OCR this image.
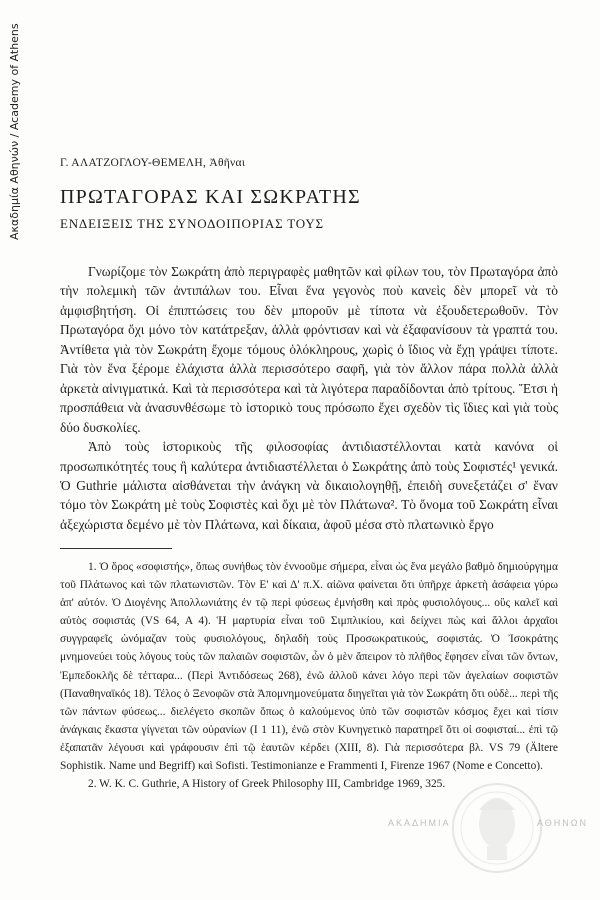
Ακαδημία Αθηνών / Academy of Athens	Γ. ΑΛΑΤΖΟΓΛΟΥ-ΘΕΜΕΛΗ, Ἀθῆναι
ΠΡΩΤΑΓΟΡΑΣ ΚΑΙ ΣΩΚΡΑΤΗΣ
ΕΝΔΕΙΞΕΙΣ ΤΗΣ ΣΥΝΟΔΟΙΠΟΡΙΑΣ ΤΟΥΣ

Γνωρίζομε τὸν Σωκράτη ἀπὸ περιγραφὲς μαθητῶν καὶ φίλων του, τὸν Πρωταγόρα ἀπὸ τὴν πολεμικὴ τῶν ἀντιπάλων του. Εἶναι ἕνα γεγονὸς ποὺ κανεὶς δὲν μπορεῖ νὰ τὸ ἀμφισβητήση. Οἱ ἐπιπτώσεις του δὲν μποροῦν μὲ τίποτα νὰ ἐξουδετερωθοῦν. Τὸν Πρωταγόρα ὄχι μόνο τὸν κατάτρεξαν, ἀλλὰ φρόντισαν καὶ νὰ ἐξαφανίσουν τὰ γραπτά του. Ἀντίθετα γιὰ τὸν Σωκράτη ἔχομε τόμους ὁλόκληρους, χωρὶς ὁ ἴδιος νὰ ἔχῃ γράψει τίποτε. Γιὰ τὸν ἕνα ξέρομε ἐλάχιστα ἀλλὰ περισσότερο σαφῆ, γιὰ τὸν ἄλλον πάρα πολλὰ ἀλλὰ ἀρκετὰ αἰνιγματικά. Καὶ τὰ περισσότερα καὶ τὰ λιγότερα παραδίδονται ἀπὸ τρίτους. Ἔτσι ἡ προσπάθεια νὰ ἀνασυνθέσωμε τὸ ἱστορικὸ τους πρόσωπο ἔχει σχεδὸν τὶς ἴδιες καὶ γιὰ τοὺς δύο δυσκολίες.

Ἀπὸ τοὺς ἱστορικοὺς τῆς φιλοσοφίας ἀντιδιαστέλλονται κατὰ κανόνα οἱ προσωπικότητές τους ἢ καλύτερα ἀντιδιαστέλλεται ὁ Σωκράτης ἀπὸ τοὺς Σοφιστές¹ γενικά. Ὁ Guthrie μάλιστα αἰσθάνεται τὴν ἀνάγκη νὰ δικαιολογηθῇ, ἐπειδὴ συνεξετάζει σ' ἕναν τόμο τὸν Σωκράτη μὲ τοὺς Σοφιστὲς καὶ ὄχι μὲ τὸν Πλάτωνα². Τὸ ὄνομα τοῦ Σωκράτη εἶναι ἀξεχώριστα δεμένο μὲ τὸν Πλάτωνα, καὶ δίκαια, ἀφοῦ μέσα στὸ πλατωνικὸ ἔργο

1. Ὁ ὅρος «σοφιστής», ὅπως συνήθως τὸν ἐννοοῦμε σήμερα, εἶναι ὡς ἕνα μεγάλο βαθμὸ δημιούργημα τοῦ Πλάτωνος καὶ τῶν πλατωνιστῶν. Τὸν Ε' καὶ Δ' π.Χ. αἰῶνα φαίνεται ὅτι ὑπῆρχε ἀρκετὴ ἀσάφεια γύρω ἀπ' αὐτόν. Ὁ Διογένης Ἀπολλωνιάτης ἐν τῷ περὶ φύσεως ἐμνήσθη καὶ πρὸς φυσιολόγους... οὓς καλεῖ καὶ αὐτὸς σοφιστάς (VS 64, A 4). Ἡ μαρτυρία εἶναι τοῦ Σιμπλικίου, καὶ δείχνει πὼς καὶ ἄλλοι ἀρχαῖοι συγγραφεῖς ὠνόμαζαν τοὺς φυσιολόγους, δηλαδὴ τοὺς Προσωκρατικούς, σοφιστάς. Ὁ Ἰσοκράτης μνημονεύει τοὺς λόγους τοὺς τῶν παλαιῶν σοφιστῶν, ὧν ὁ μὲν ἄπειρον τὸ πλῆθος ἔφησεν εἶναι τῶν ὄντων, Ἐμπεδοκλῆς δὲ τέτταρα... (Περὶ Ἀντιδόσεως 268), ἐνῶ ἀλλοῦ κάνει λόγο περὶ τῶν ἀγελαίων σοφιστῶν (Παναθηναϊκός 18). Τέλος ὁ Ξενοφῶν στὰ Ἀπομνημονεύματα διηγεῖται γιὰ τὸν Σωκράτη ὅτι οὐδὲ... περὶ τῆς τῶν πάντων φύσεως... διελέγετο σκοπῶν ὅπως ὁ καλούμενος ὑπὸ τῶν σοφιστῶν κόσμος ἔχει καὶ τίσιν ἀνάγκαις ἕκαστα γίγνεται τῶν οὐρανίων (I 1 11), ἐνῶ στὸν Κυνηγετικὸ παρατηρεῖ ὅτι οἱ σοφισταί... ἐπὶ τῷ ἐξαπατᾶν λέγουσι καὶ γράφουσιν ἐπὶ τῷ ἑαυτῶν κέρδει (XIII, 8). Γιὰ περισσότερα βλ. VS 79 (Ältere Sophistik. Name und Begriff) καὶ Sofisti. Testimonianze e Frammenti I, Firenze 1967 (Nome e Concetto).

2. W. K. C. Guthrie, A History of Greek Philosophy III, Cambridge 1969, 325.

ΑΚΑΔΗΜΙΑ	ΑΘΗΝΩΝ
